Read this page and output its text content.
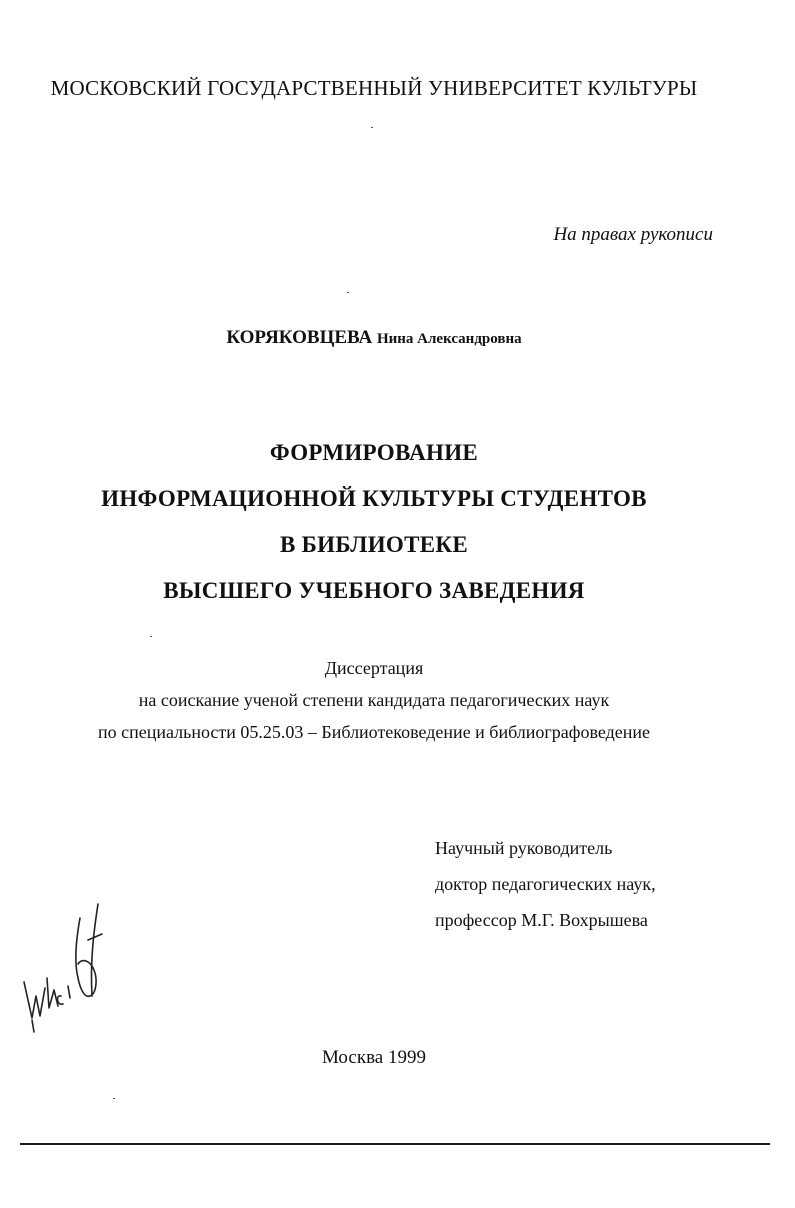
МОСКОВСКИЙ ГОСУДАРСТВЕННЫЙ УНИВЕРСИТЕТ КУЛЬТУРЫ
На правах рукописи
КОРЯКОВЦЕВА Нина Александровна
ФОРМИРОВАНИЕ
ИНФОРМАЦИОННОЙ КУЛЬТУРЫ СТУДЕНТОВ
В БИБЛИОТЕКЕ
ВЫСШЕГО УЧЕБНОГО ЗАВЕДЕНИЯ
Диссертация
на соискание ученой степени кандидата педагогических наук
по специальности 05.25.03 – Библиотековедение и библиографоведение
Научный руководитель
доктор педагогических наук,
профессор М.Г. Вохрышева
Москва 1999
